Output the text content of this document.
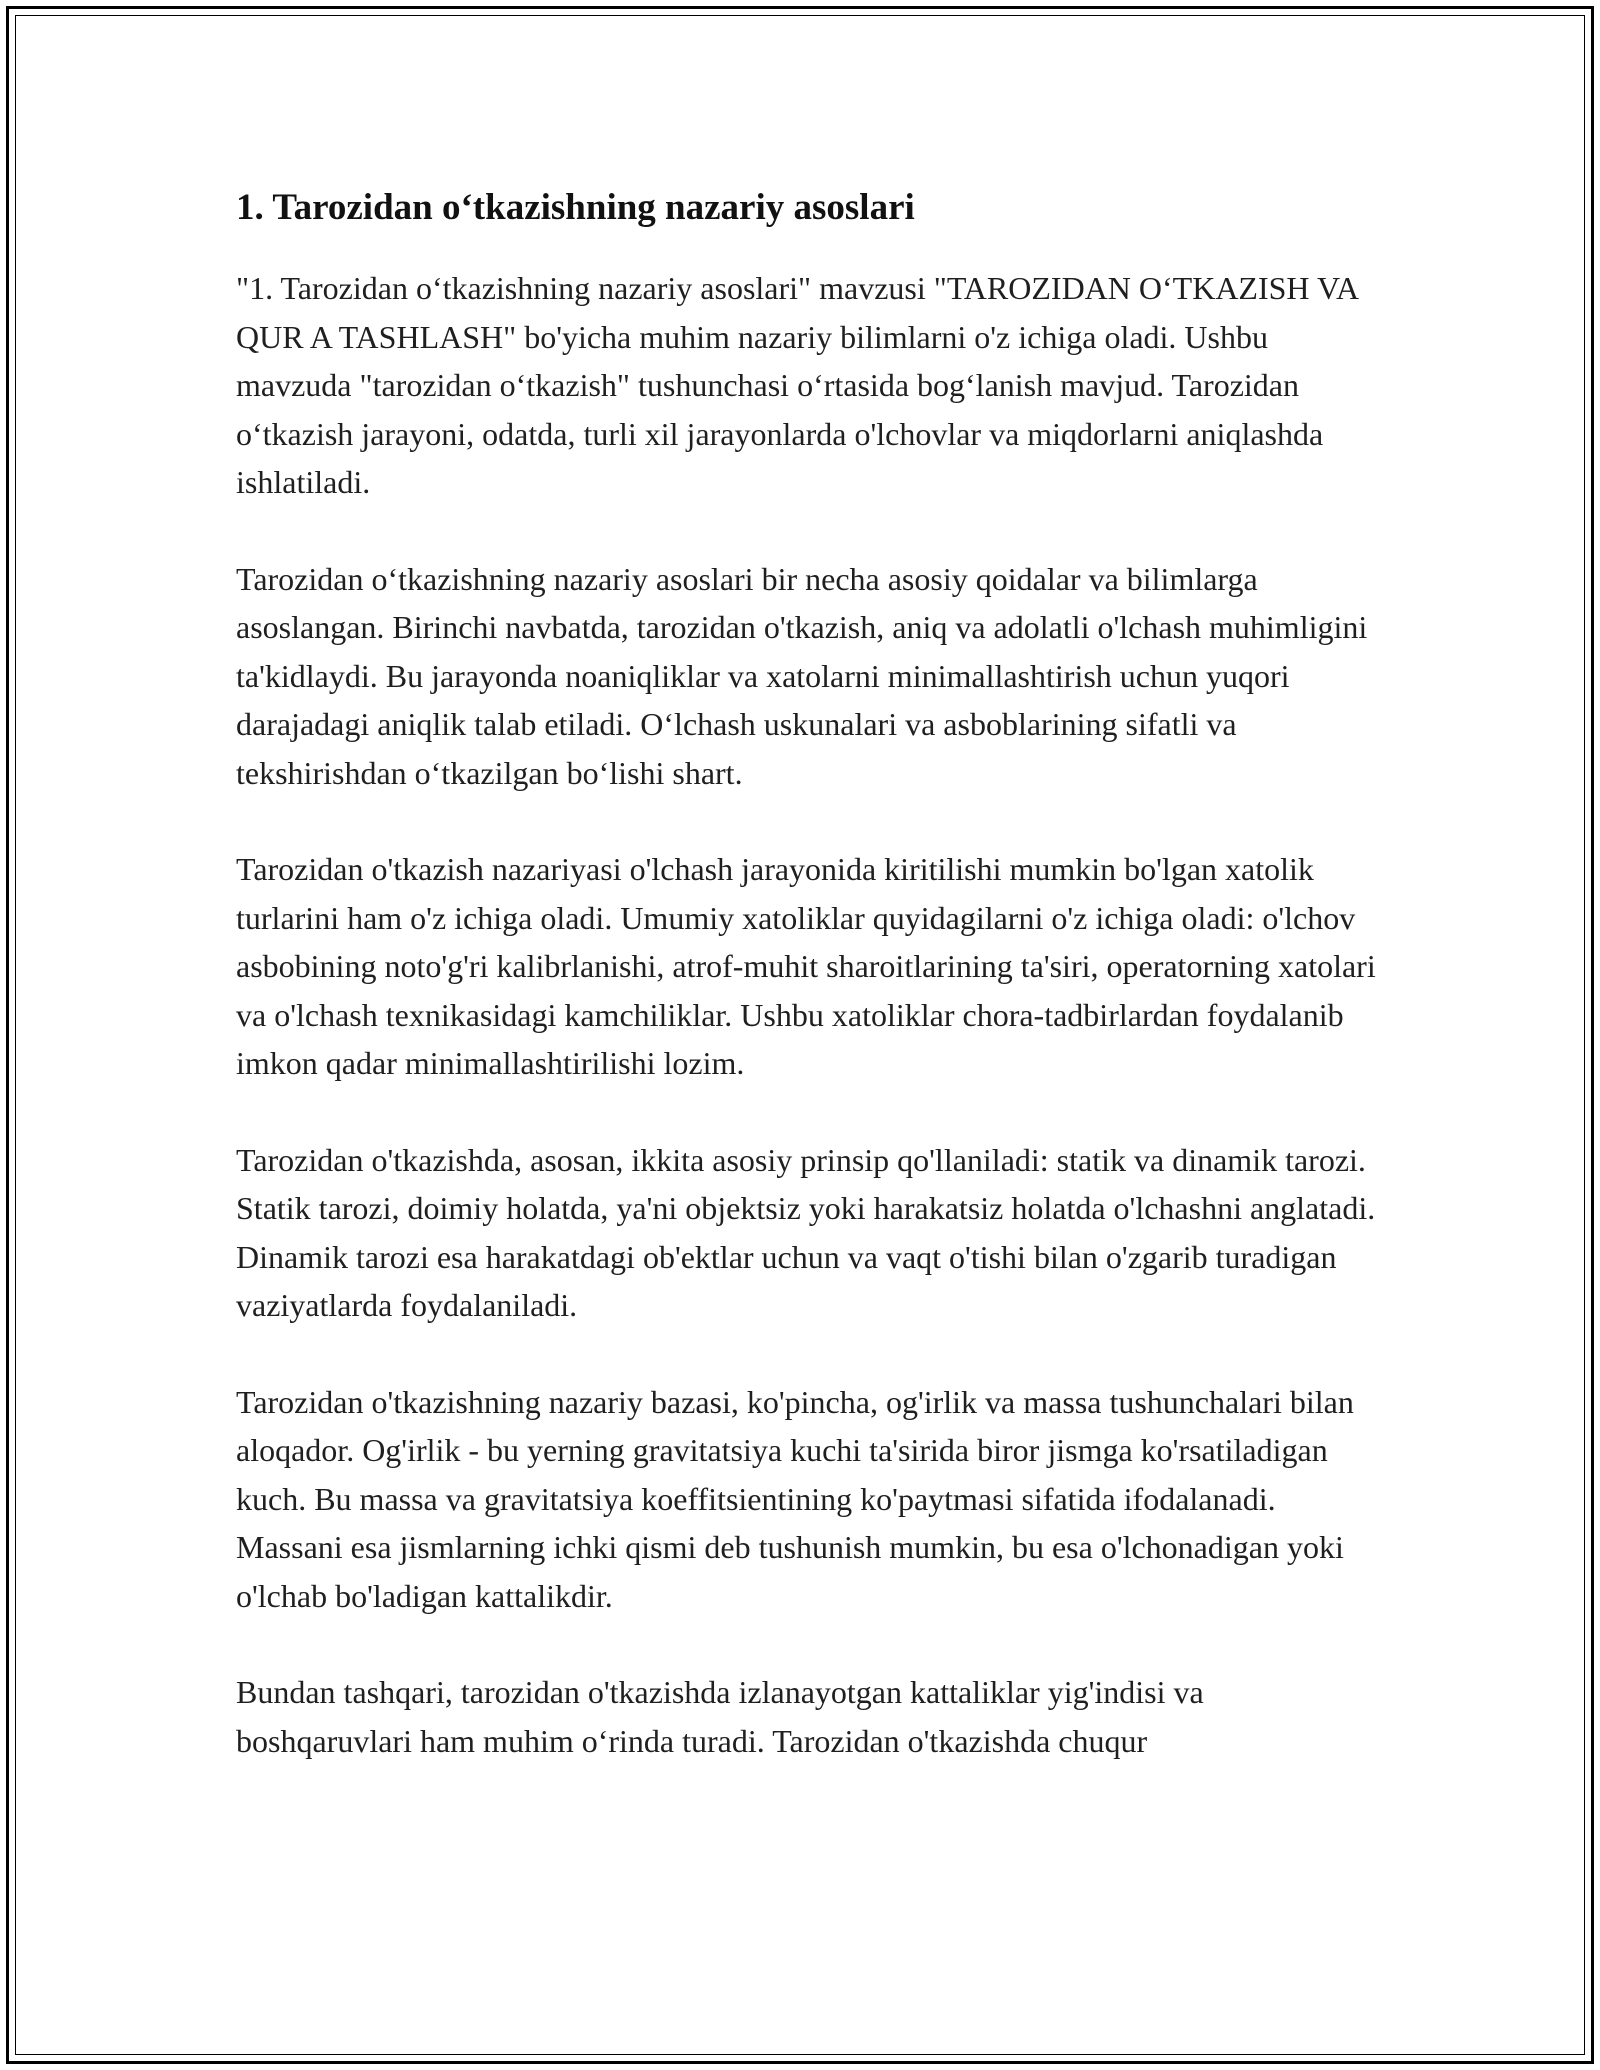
1. Tarozidan o‘tkazishning nazariy asoslari

"1. Tarozidan o‘tkazishning nazariy asoslari" mavzusi "TAROZIDAN O‘TKAZISH VA QUR A TASHLASH" bo'yicha muhim nazariy bilimlarni o'z ichiga oladi. Ushbu mavzuda "tarozidan o‘tkazish" tushunchasi o‘rtasida bog‘lanish mavjud. Tarozidan o‘tkazish jarayoni, odatda, turli xil jarayonlarda o'lchovlar va miqdorlarni aniqlashda ishlatiladi.

Tarozidan o‘tkazishning nazariy asoslari bir necha asosiy qoidalar va bilimlarga asoslangan. Birinchi navbatda, tarozidan o'tkazish, aniq va adolatli o'lchash muhimligini ta'kidlaydi. Bu jarayonda noaniqliklar va xatolarni minimallashtirish uchun yuqori darajadagi aniqlik talab etiladi. O‘lchash uskunalari va asboblarining sifatli va tekshirishdan o‘tkazilgan bo‘lishi shart.

Tarozidan o'tkazish nazariyasi o'lchash jarayonida kiritilishi mumkin bo'lgan xatolik turlarini ham o'z ichiga oladi. Umumiy xatoliklar quyidagilarni o'z ichiga oladi: o'lchov asbobining noto'g'ri kalibrlanishi, atrof-muhit sharoitlarining ta'siri, operatorning xatolari va o'lchash texnikasidagi kamchiliklar. Ushbu xatoliklar chora-tadbirlardan foydalanib imkon qadar minimallashtirilishi lozim.

Tarozidan o'tkazishda, asosan, ikkita asosiy prinsip qo'llaniladi: statik va dinamik tarozi. Statik tarozi, doimiy holatda, ya'ni objektsiz yoki harakatsiz holatda o'lchashni anglatadi. Dinamik tarozi esa harakatdagi ob'ektlar uchun va vaqt o'tishi bilan o'zgarib turadigan vaziyatlarda foydalaniladi.

Tarozidan o'tkazishning nazariy bazasi, ko'pincha, og'irlik va massa tushunchalari bilan aloqador. Og'irlik - bu yerning gravitatsiya kuchi ta'sirida biror jismga ko'rsatiladigan kuch. Bu massa va gravitatsiya koeffitsientining ko'paytmasi sifatida ifodalanadi. Massani esa jismlarning ichki qismi deb tushunish mumkin, bu esa o'lchonadigan yoki o'lchab bo'ladigan kattalikdir.

Bundan tashqari, tarozidan o'tkazishda izlanayotgan kattaliklar yig'indisi va boshqaruvlari ham muhim o‘rinda turadi. Tarozidan o'tkazishda chuqur
